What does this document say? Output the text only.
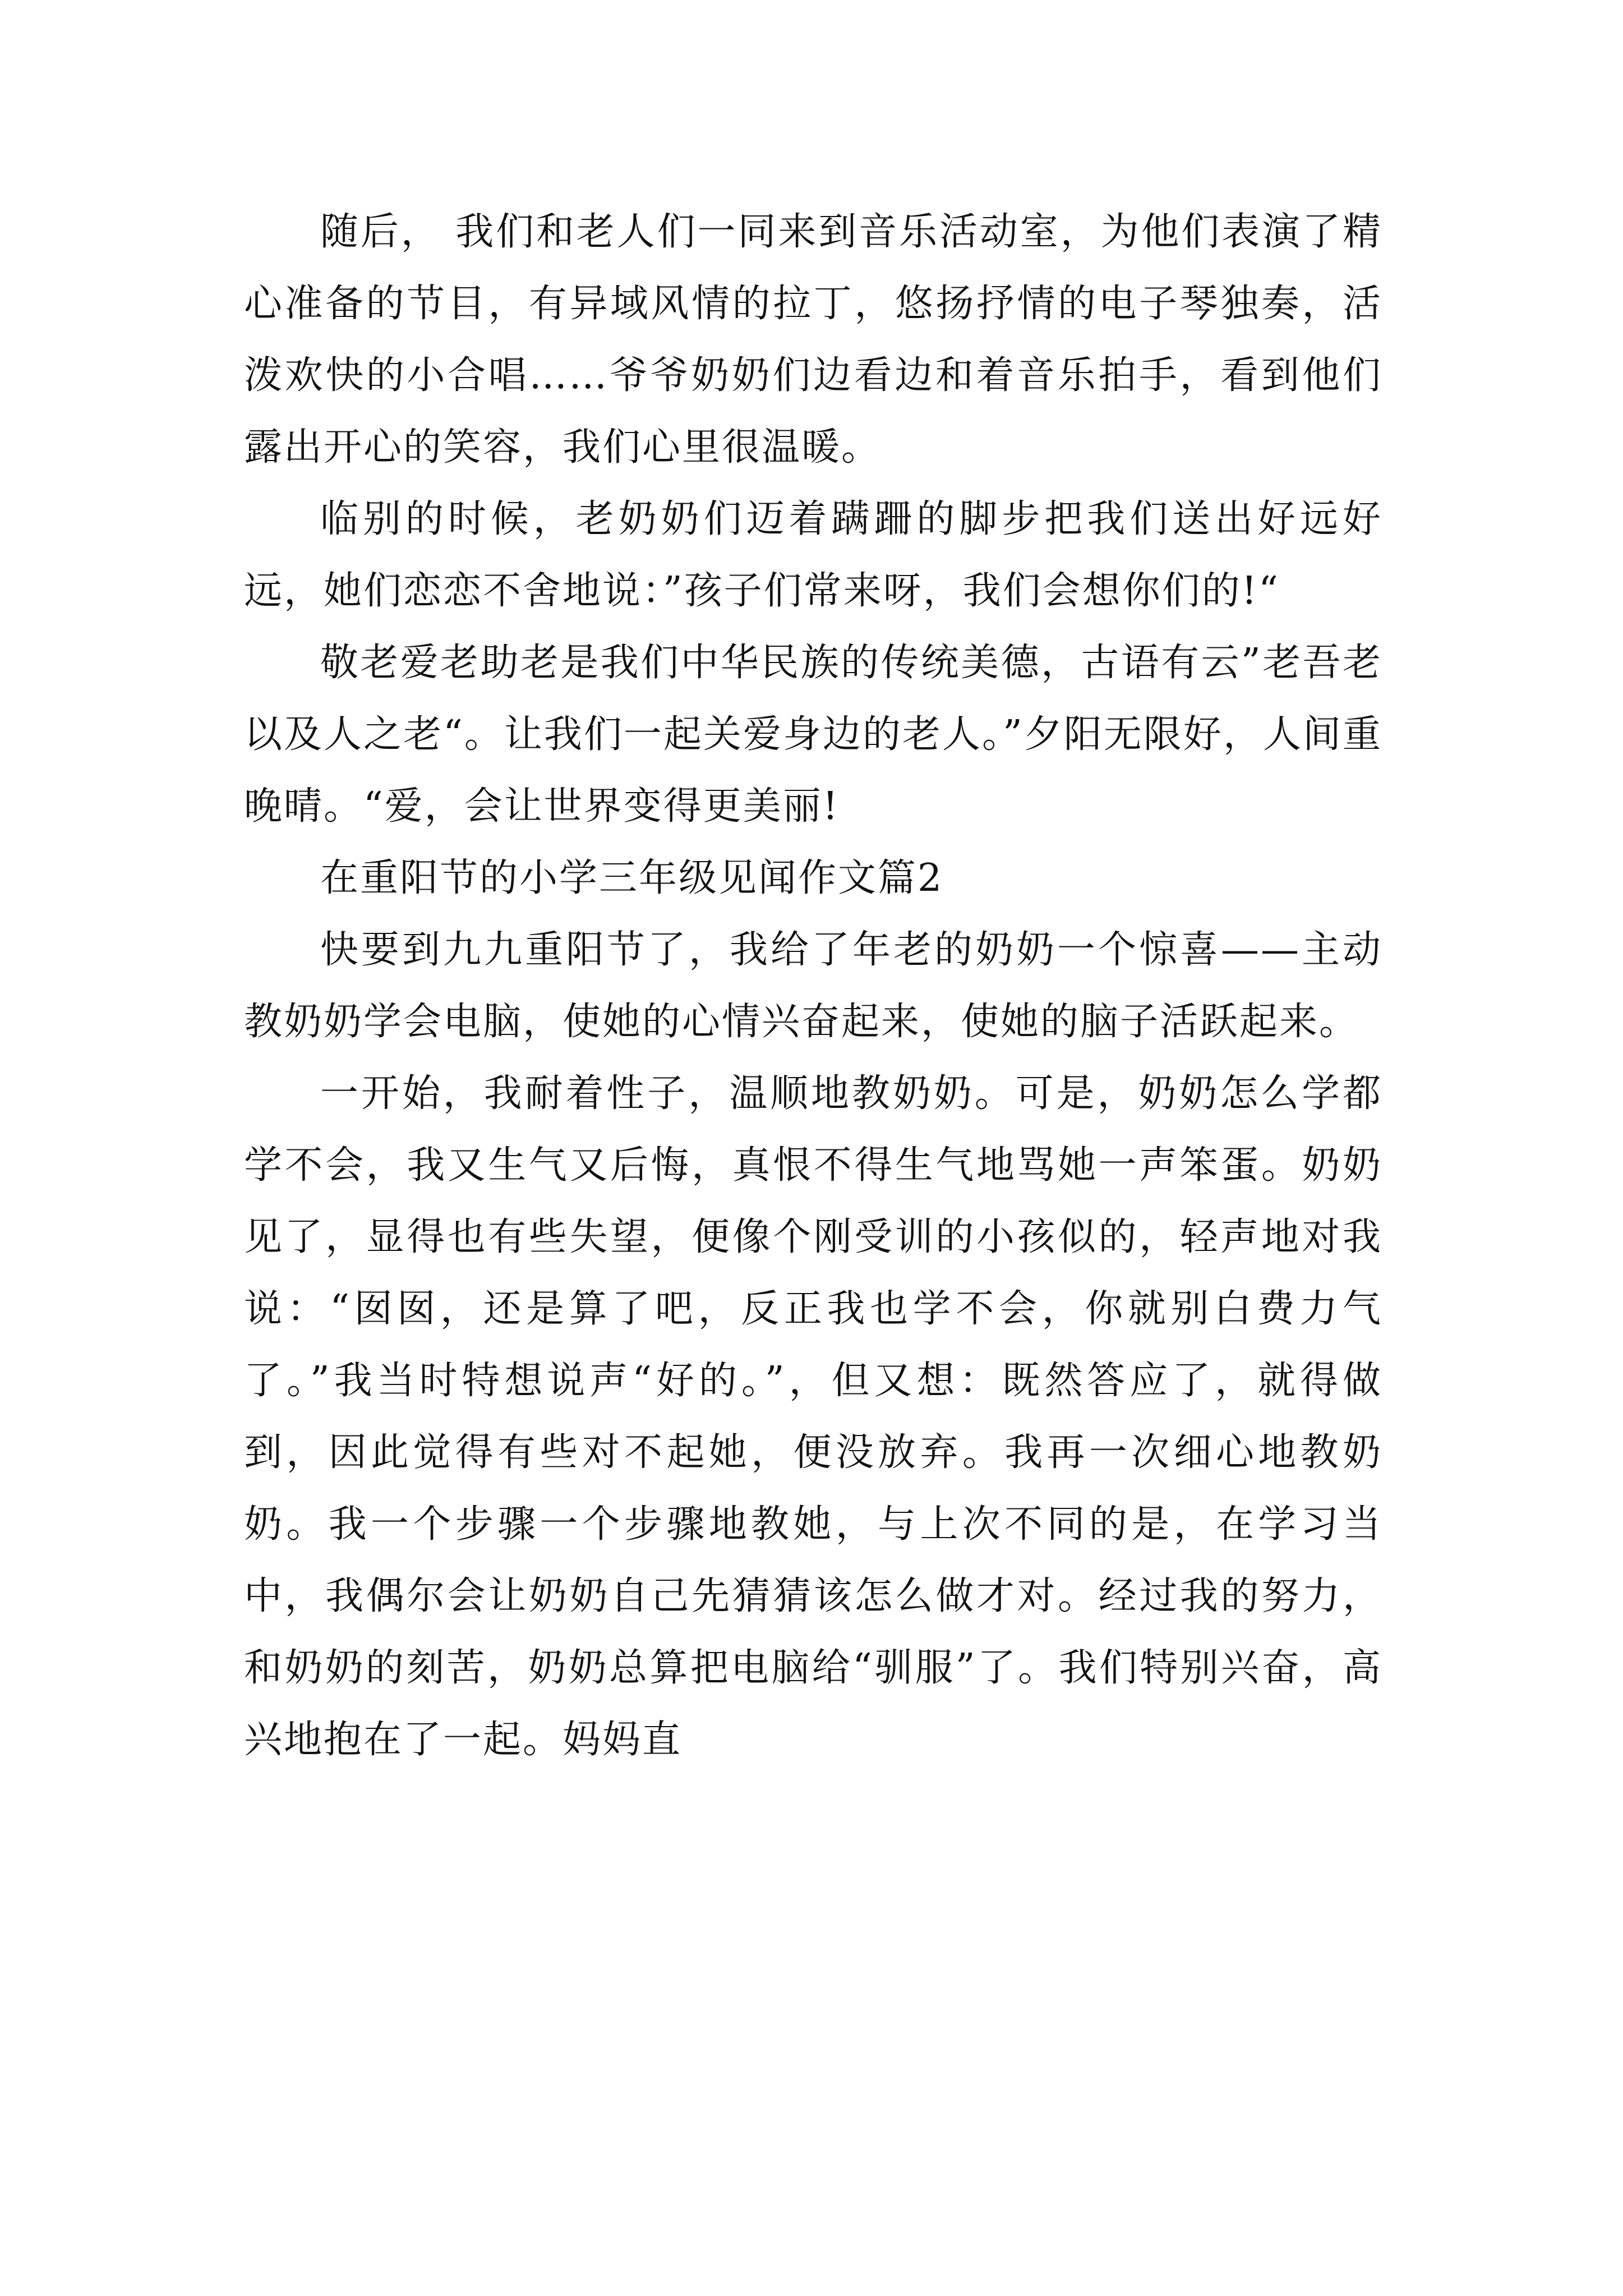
随后， 我们和老人们一同来到音乐活动室，为他们表演了精心准备的节目，有异域风情的拉丁，悠扬抒情的电子琴独奏，活泼欢快的小合唱……爷爷奶奶们边看边和着音乐拍手，看到他们露出开心的笑容，我们心里很温暖。

临别的时候，老奶奶们迈着蹒跚的脚步把我们送出好远好远，她们恋恋不舍地说：”孩子们常来呀，我们会想你们的!“

敬老爱老助老是我们中华民族的传统美德，古语有云”老吾老以及人之老“。让我们一起关爱身边的老人。”夕阳无限好，人间重晚晴。“爱，会让世界变得更美丽!

在重阳节的小学三年级见闻作文篇2

快要到九九重阳节了，我给了年老的奶奶一个惊喜——主动教奶奶学会电脑，使她的心情兴奋起来，使她的脑子活跃起来。

一开始，我耐着性子，温顺地教奶奶。可是，奶奶怎么学都学不会，我又生气又后悔，真恨不得生气地骂她一声笨蛋。奶奶见了，显得也有些失望，便像个刚受训的小孩似的，轻声地对我说：“囡囡，还是算了吧，反正我也学不会，你就别白费力气了。”我当时特想说声“好的。”，但又想：既然答应了，就得做到，因此觉得有些对不起她，便没放弃。我再一次细心地教奶奶。我一个步骤一个步骤地教她，与上次不同的是，在学习当中，我偶尔会让奶奶自己先猜猜该怎么做才对。经过我的努力，和奶奶的刻苦，奶奶总算把电脑给“驯服”了。我们特别兴奋，高兴地抱在了一起。妈妈直
